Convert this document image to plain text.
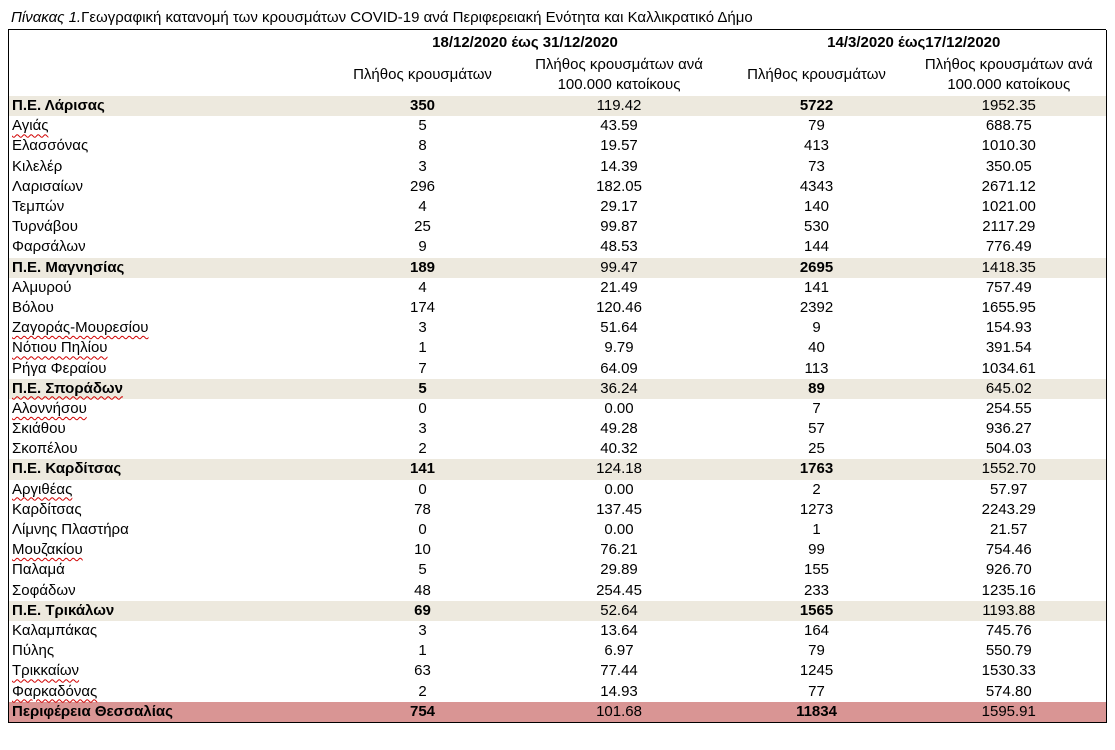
Πίνακας 1.Γεωγραφική κατανομή των κρουσμάτων COVID-19 ανά Περιφερειακή Ενότητα και Καλλικρατικό Δήμο
	18/12/2020 έως 31/12/2020		14/3/2020 έως17/12/2020	
	Πλήθος κρουσμάτων	Πλήθος κρουσμάτων ανά 100.000 κατοίκους	Πλήθος κρουσμάτων	Πλήθος κρουσμάτων ανά 100.000 κατοίκους
Π.Ε. Λάρισας	350	119.42	5722	1952.35
Αγιάς	5	43.59	79	688.75
Ελασσόνας	8	19.57	413	1010.30
Κιλελέρ	3	14.39	73	350.05
Λαρισαίων	296	182.05	4343	2671.12
Τεμπών	4	29.17	140	1021.00
Τυρνάβου	25	99.87	530	2117.29
Φαρσάλων	9	48.53	144	776.49
Π.Ε. Μαγνησίας	189	99.47	2695	1418.35
Αλμυρού	4	21.49	141	757.49
Βόλου	174	120.46	2392	1655.95
Ζαγοράς-Μουρεσίου	3	51.64	9	154.93
Νότιου Πηλίου	1	9.79	40	391.54
Ρήγα Φεραίου	7	64.09	113	1034.61
Π.Ε. Σποράδων	5	36.24	89	645.02
Αλοννήσου	0	0.00	7	254.55
Σκιάθου	3	49.28	57	936.27
Σκοπέλου	2	40.32	25	504.03
Π.Ε. Καρδίτσας	141	124.18	1763	1552.70
Αργιθέας	0	0.00	2	57.97
Καρδίτσας	78	137.45	1273	2243.29
Λίμνης Πλαστήρα	0	0.00	1	21.57
Μουζακίου	10	76.21	99	754.46
Παλαμά	5	29.89	155	926.70
Σοφάδων	48	254.45	233	1235.16
Π.Ε. Τρικάλων	69	52.64	1565	1193.88
Καλαμπάκας	3	13.64	164	745.76
Πύλης	1	6.97	79	550.79
Τρικκαίων	63	77.44	1245	1530.33
Φαρκαδόνας	2	14.93	77	574.80
Περιφέρεια Θεσσαλίας	754	101.68	11834	1595.91
